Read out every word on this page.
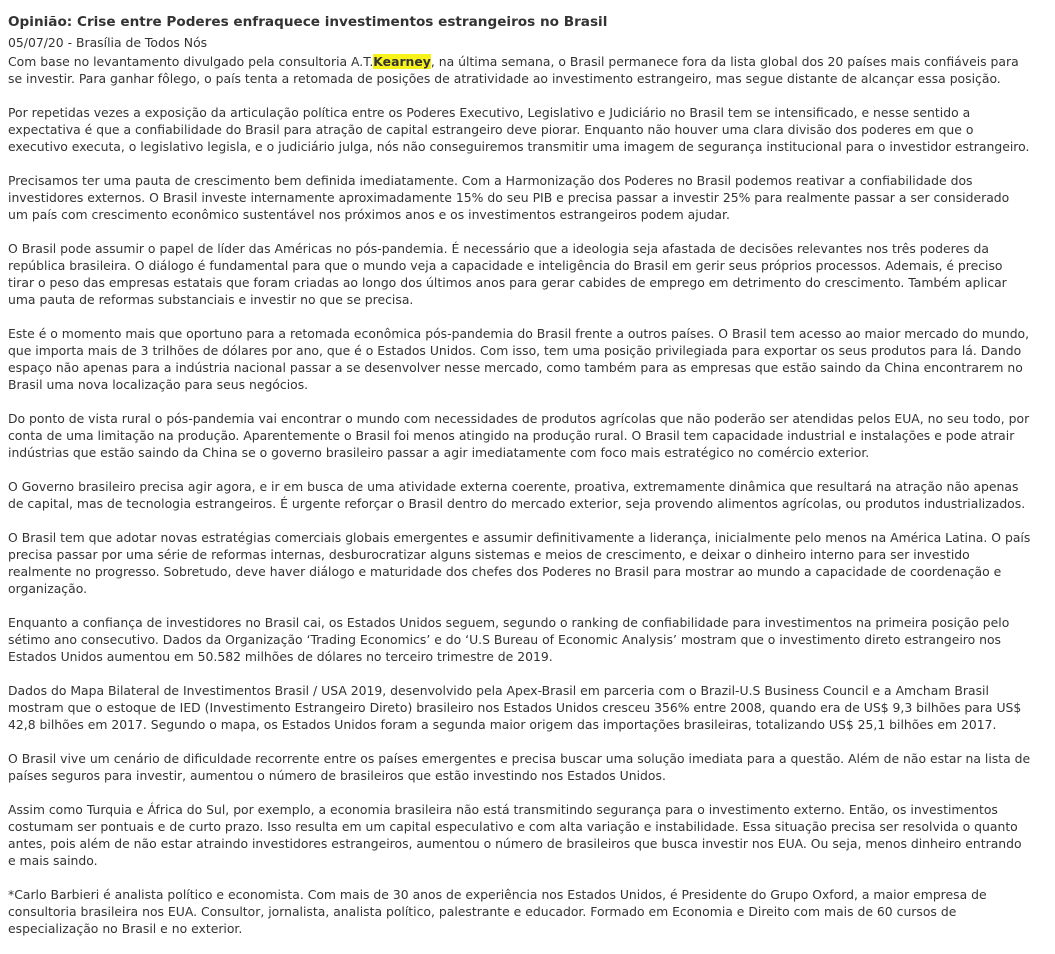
Opinião: Crise entre Poderes enfraquece investimentos estrangeiros no Brasil
05/07/20 - Brasília de Todos Nós

Com base no levantamento divulgado pela consultoria A.T.Kearney, na última semana, o Brasil permanece fora da lista global dos 20 países mais confiáveis para se investir. Para ganhar fôlego, o país tenta a retomada de posições de atratividade ao investimento estrangeiro, mas segue distante de alcançar essa posição.

Por repetidas vezes a exposição da articulação política entre os Poderes Executivo, Legislativo e Judiciário no Brasil tem se intensificado, e nesse sentido a expectativa é que a confiabilidade do Brasil para atração de capital estrangeiro deve piorar. Enquanto não houver uma clara divisão dos poderes em que o executivo executa, o legislativo legisla, e o judiciário julga, nós não conseguiremos transmitir uma imagem de segurança institucional para o investidor estrangeiro.

Precisamos ter uma pauta de crescimento bem definida imediatamente. Com a Harmonização dos Poderes no Brasil podemos reativar a confiabilidade dos investidores externos. O Brasil investe internamente aproximadamente 15% do seu PIB e precisa passar a investir 25% para realmente passar a ser considerado um país com crescimento econômico sustentável nos próximos anos e os investimentos estrangeiros podem ajudar.

O Brasil pode assumir o papel de líder das Américas no pós-pandemia. É necessário que a ideologia seja afastada de decisões relevantes nos três poderes da república brasileira. O diálogo é fundamental para que o mundo veja a capacidade e inteligência do Brasil em gerir seus próprios processos. Ademais, é preciso tirar o peso das empresas estatais que foram criadas ao longo dos últimos anos para gerar cabides de emprego em detrimento do crescimento. Também aplicar uma pauta de reformas substanciais e investir no que se precisa.

Este é o momento mais que oportuno para a retomada econômica pós-pandemia do Brasil frente a outros países. O Brasil tem acesso ao maior mercado do mundo, que importa mais de 3 trilhões de dólares por ano, que é o Estados Unidos. Com isso, tem uma posição privilegiada para exportar os seus produtos para lá. Dando espaço não apenas para a indústria nacional passar a se desenvolver nesse mercado, como também para as empresas que estão saindo da China encontrarem no Brasil uma nova localização para seus negócios.

Do ponto de vista rural o pós-pandemia vai encontrar o mundo com necessidades de produtos agrícolas que não poderão ser atendidas pelos EUA, no seu todo, por conta de uma limitação na produção. Aparentemente o Brasil foi menos atingido na produção rural. O Brasil tem capacidade industrial e instalações e pode atrair indústrias que estão saindo da China se o governo brasileiro passar a agir imediatamente com foco mais estratégico no comércio exterior.

O Governo brasileiro precisa agir agora, e ir em busca de uma atividade externa coerente, proativa, extremamente dinâmica que resultará na atração não apenas de capital, mas de tecnologia estrangeiros. É urgente reforçar o Brasil dentro do mercado exterior, seja provendo alimentos agrícolas, ou produtos industrializados.

O Brasil tem que adotar novas estratégias comerciais globais emergentes e assumir definitivamente a liderança, inicialmente pelo menos na América Latina. O país precisa passar por uma série de reformas internas, desburocratizar alguns sistemas e meios de crescimento, e deixar o dinheiro interno para ser investido realmente no progresso. Sobretudo, deve haver diálogo e maturidade dos chefes dos Poderes no Brasil para mostrar ao mundo a capacidade de coordenação e organização.

Enquanto a confiança de investidores no Brasil cai, os Estados Unidos seguem, segundo o ranking de confiabilidade para investimentos na primeira posição pelo sétimo ano consecutivo. Dados da Organização ‘Trading Economics’ e do ‘U.S Bureau of Economic Analysis’ mostram que o investimento direto estrangeiro nos Estados Unidos aumentou em 50.582 milhões de dólares no terceiro trimestre de 2019.

Dados do Mapa Bilateral de Investimentos Brasil / USA 2019, desenvolvido pela Apex-Brasil em parceria com o Brazil-U.S Business Council e a Amcham Brasil mostram que o estoque de IED (Investimento Estrangeiro Direto) brasileiro nos Estados Unidos cresceu 356% entre 2008, quando era de US$ 9,3 bilhões para US$ 42,8 bilhões em 2017. Segundo o mapa, os Estados Unidos foram a segunda maior origem das importações brasileiras, totalizando US$ 25,1 bilhões em 2017.

O Brasil vive um cenário de dificuldade recorrente entre os países emergentes e precisa buscar uma solução imediata para a questão. Além de não estar na lista de países seguros para investir, aumentou o número de brasileiros que estão investindo nos Estados Unidos.

Assim como Turquia e África do Sul, por exemplo, a economia brasileira não está transmitindo segurança para o investimento externo. Então, os investimentos costumam ser pontuais e de curto prazo. Isso resulta em um capital especulativo e com alta variação e instabilidade. Essa situação precisa ser resolvida o quanto antes, pois além de não estar atraindo investidores estrangeiros, aumentou o número de brasileiros que busca investir nos EUA. Ou seja, menos dinheiro entrando e mais saindo.

*Carlo Barbieri é analista político e economista. Com mais de 30 anos de experiência nos Estados Unidos, é Presidente do Grupo Oxford, a maior empresa de consultoria brasileira nos EUA. Consultor, jornalista, analista político, palestrante e educador. Formado em Economia e Direito com mais de 60 cursos de especialização no Brasil e no exterior.
